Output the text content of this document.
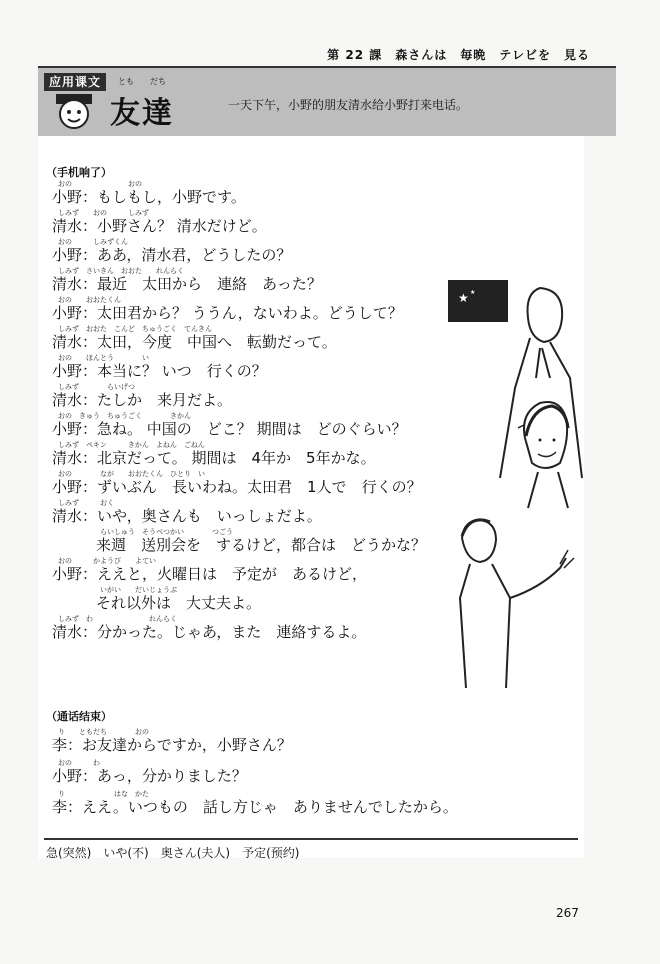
第 22 課　森さんは　毎晩　テレビを　見る
应用课文	とも だち
友達	一天下午，小野的朋友清水给小野打来电话。
（手机响了）
おの　　　　　　　　おの
小野：もしもし，小野です。
しみず　　おの　　　しみず
清水：小野さん？ 清水だけど。
おの　　　しみずくん
小野：ああ，清水君，どうしたの？
しみず　さいきん　おおた　　れんらく
清水：最近　太田から　連絡　あった？
おの　　おおたくん
小野：太田君から？ ううん，ないわよ。どうして？
しみず　おおた　こんど　ちゅうごく　てんきん
清水：太田，今度　中国へ　転勤だって。
おの　　ほんとう　　　　い
小野：本当に？ いつ　行くの？
しみず　　　　らいげつ
清水：たしか　来月だよ。
おの　きゅう　ちゅうごく　　　　きかん
小野：急ね。 中国の　どこ？ 期間は　どのぐらい？
しみず　ペキン　　　きかん　よねん　ごねん
清水：北京だって。 期間は　4年か　5年かな。
おの　　　　なが　　おおたくん　ひとり　い
小野：ずいぶん　長いわね。太田君　1人で　行くの？
しみず　　　おく
清水：いや，奥さんも　いっしょだよ。
らいしゅう　そうべつかい　　　　つごう
来週　送別会を　するけど，都合は　どうかな？
おの　　　かようび　　よてい
小野：ええと，火曜日は　予定が　あるけど，
いがい　　だいじょうぶ
それ以外は　大丈夫よ。
しみず　わ　　　　　　　　れんらく
清水：分かった。じゃあ，また　連絡するよ。
（通话结束）
り　　ともだち　　　　おの
李：お友達からですか，小野さん？
おの　　　わ
小野：あっ，分かりました？
り　　　　　　　はな　かた
李：ええ。いつもの　話し方じゃ　ありませんでしたから。
★ ★
急(突然)　いや(不)　奥さん(夫人)　予定(预约)
267
